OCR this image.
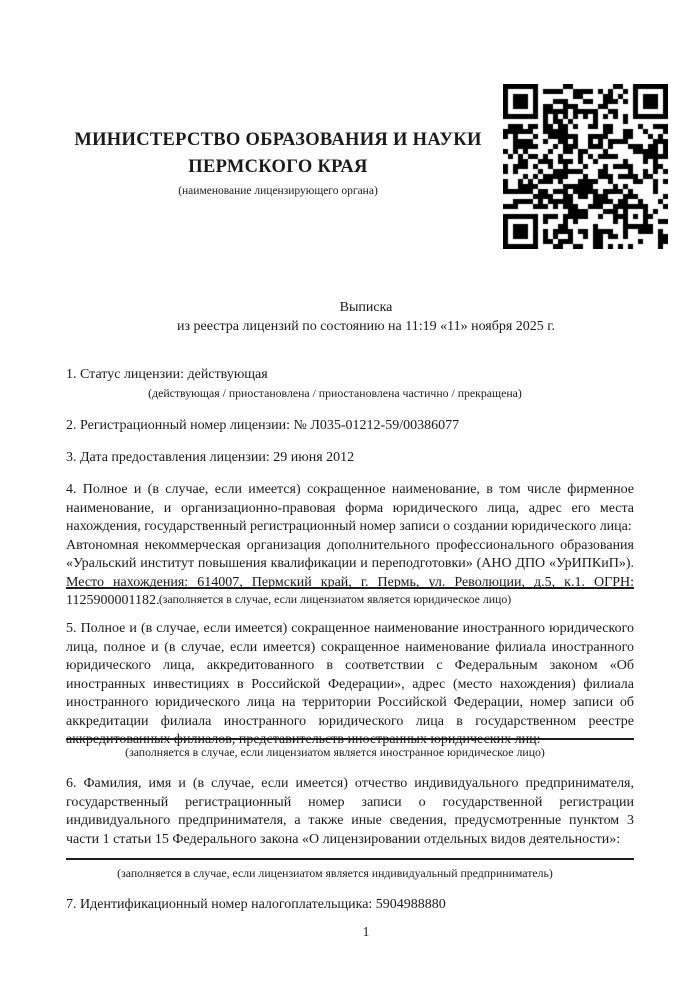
МИНИСТЕРСТВО ОБРАЗОВАНИЯ И НАУКИ
ПЕРМСКОГО КРАЯ
(наименование лицензирующего органа)
Выписка
из реестра лицензий по состоянию на 11:19 «11» ноября 2025 г.
1. Статус лицензии: действующая
(действующая / приостановлена / приостановлена частично / прекращена)
2. Регистрационный номер лицензии: № Л035-01212-59/00386077
3. Дата предоставления лицензии: 29 июня 2012

4. Полное и (в случае, если имеется) сокращенное наименование, в том числе фирменное наименование, и организационно-правовая форма юридического лица, адрес его места нахождения, государственный регистрационный номер записи о создании юридического лица:

Автономная некоммерческая организация дополнительного профессионального образования «Уральский институт повышения квалификации и переподготовки» (АНО ДПО «УрИПКиП»). Место нахождения: 614007, Пермский край, г. Пермь, ул. Революции, д.5, к.1. ОГРН: 1125900001182. (заполняется в случае, если лицензиатом является юридическое лицо)

5. Полное и (в случае, если имеется) сокращенное наименование иностранного юридического лица, полное и (в случае, если имеется) сокращенное наименование филиала иностранного юридического лица, аккредитованного в соответствии с Федеральным законом «Об иностранных инвестициях в Российской Федерации», адрес (место нахождения) филиала иностранного юридического лица на территории Российской Федерации, номер записи об аккредитации филиала иностранного юридического лица в государственном реестре аккредитованных филиалов, представительств иностранных юридических лиц:

(заполняется в случае, если лицензиатом является иностранное юридическое лицо)

6. Фамилия, имя и (в случае, если имеется) отчество индивидуального предпринимателя, государственный регистрационный номер записи о государственной регистрации индивидуального предпринимателя, а также иные сведения, предусмотренные пунктом 3 части 1 статьи 15 Федерального закона «О лицензировании отдельных видов деятельности»:

(заполняется в случае, если лицензиатом является индивидуальный предприниматель)
7. Идентификационный номер налогоплательщика: 5904988880
1
